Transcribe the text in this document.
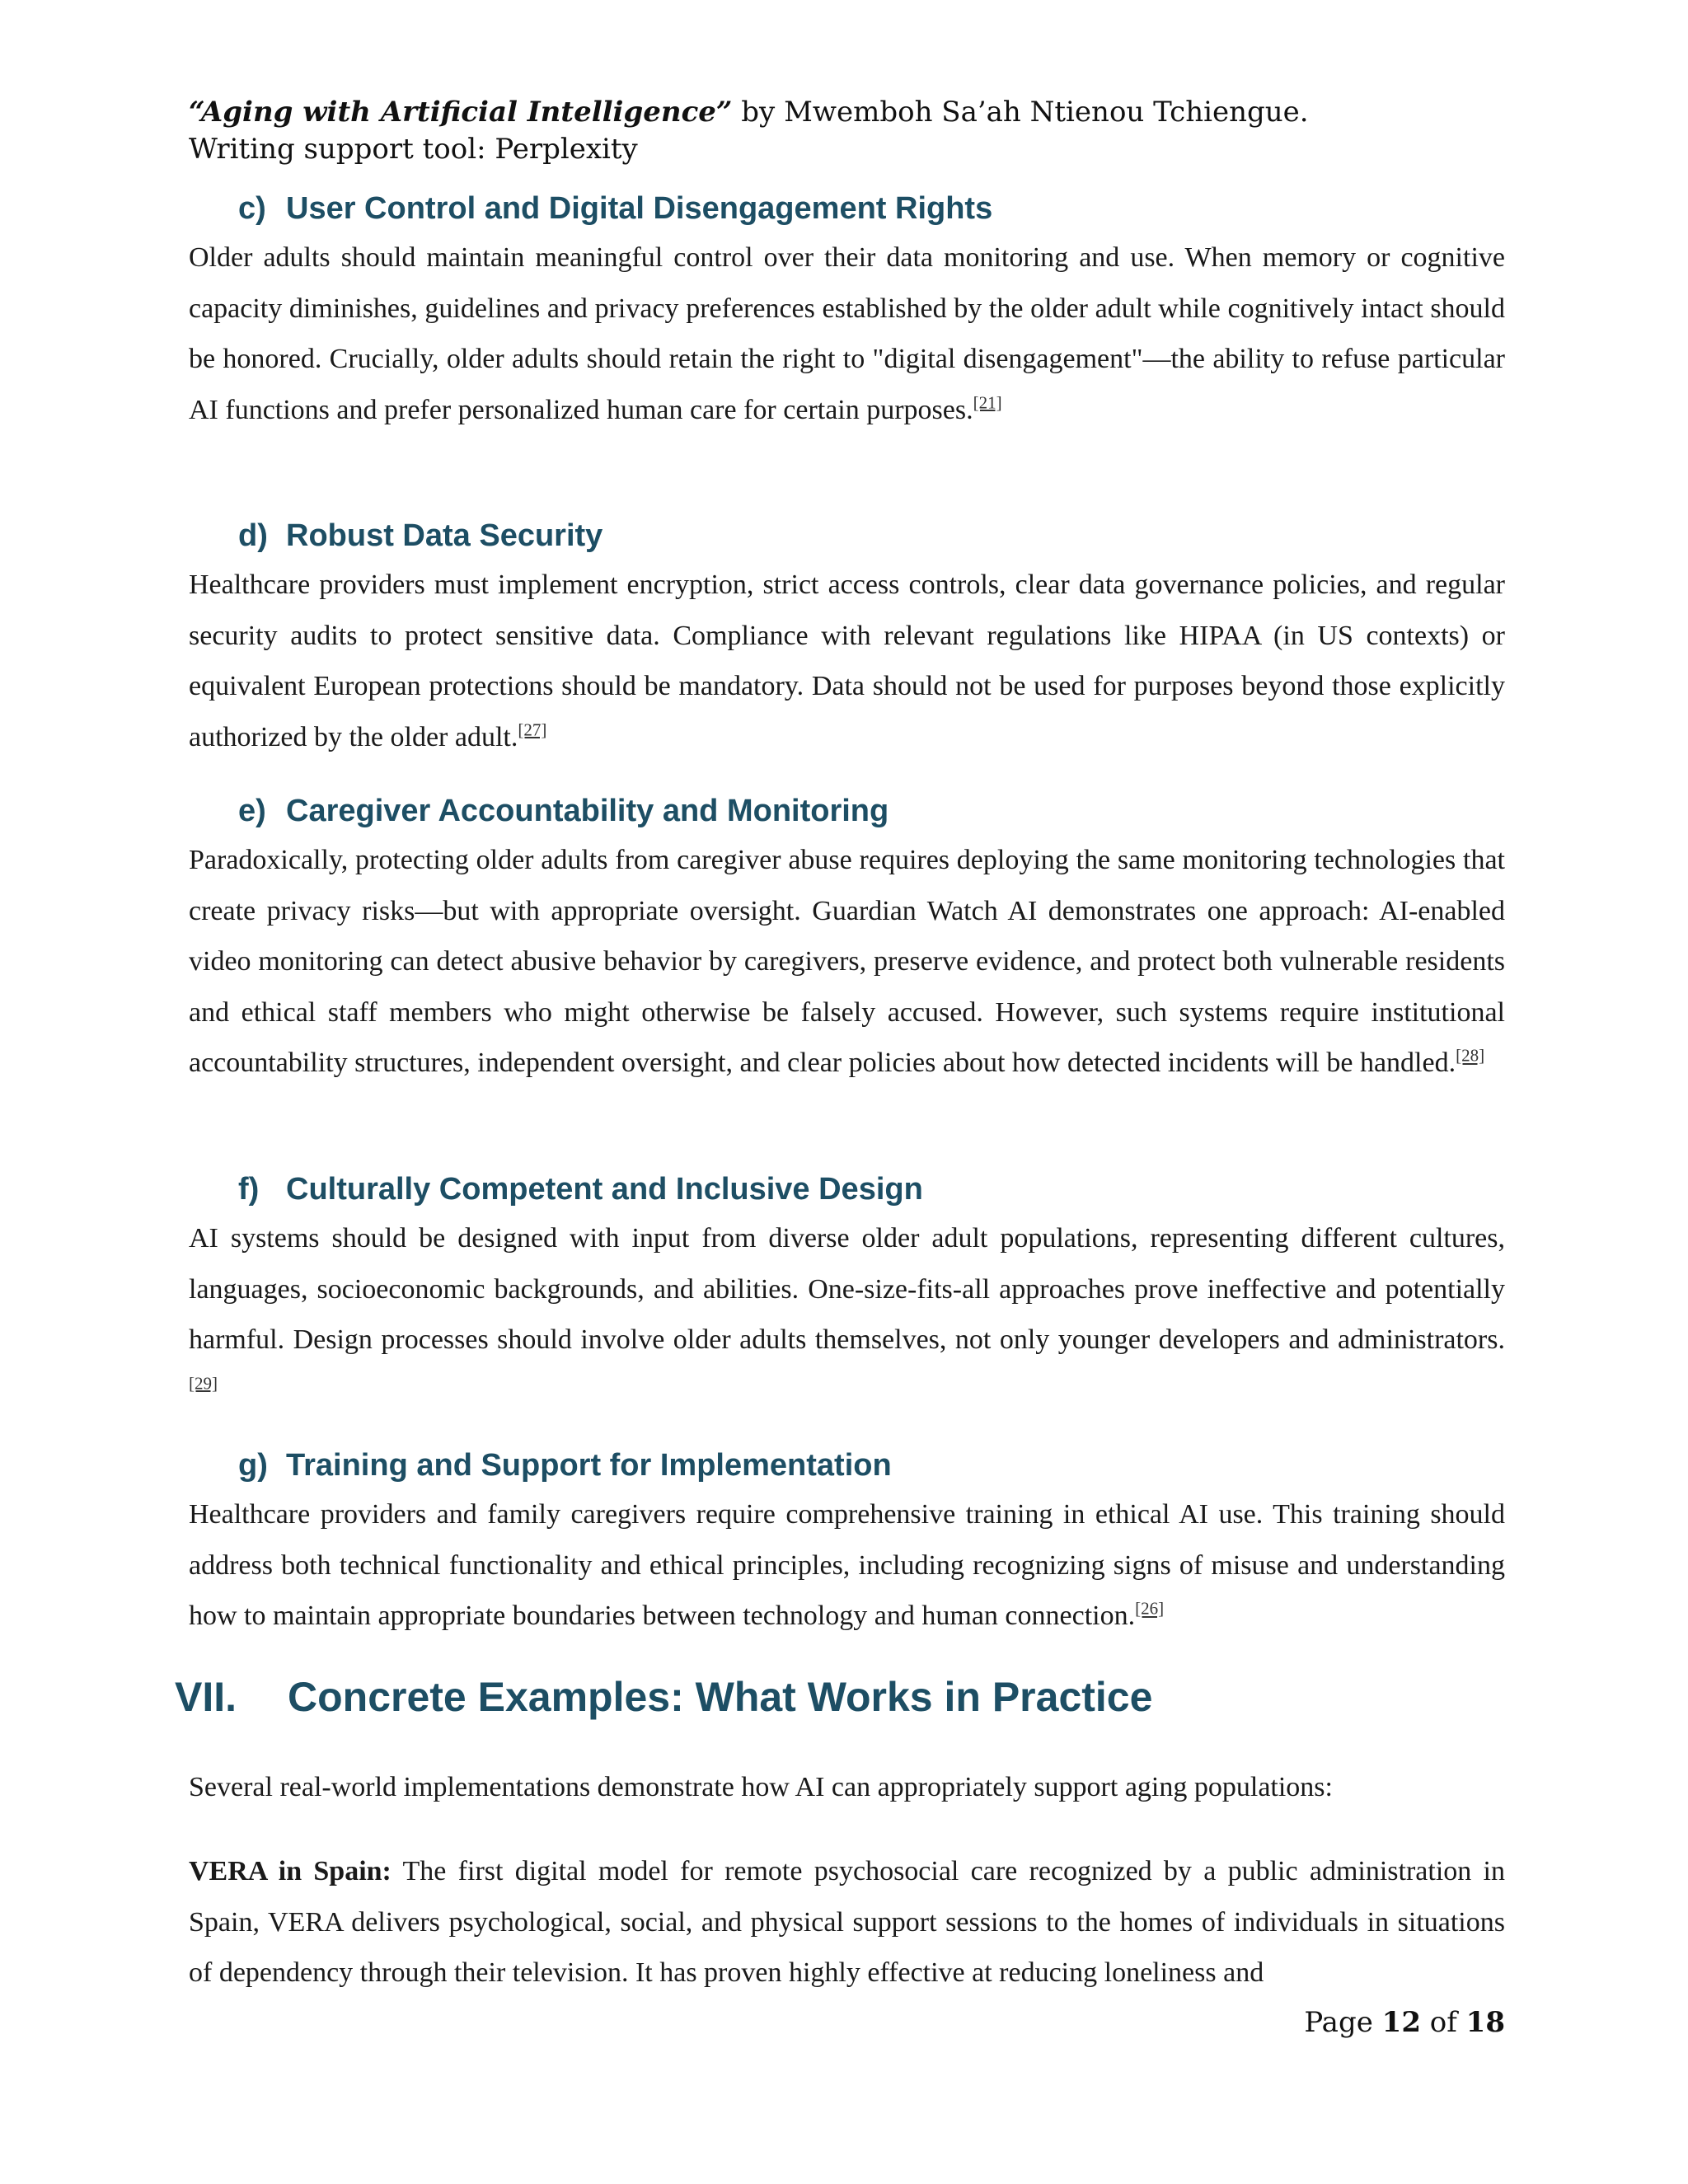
“Aging with Artificial Intelligence” by Mwemboh Sa’ah Ntienou Tchiengue.
Writing support tool: Perplexity
c) User Control and Digital Disengagement Rights

Older adults should maintain meaningful control over their data monitoring and use. When memory or cognitive capacity diminishes, guidelines and privacy preferences established by the older adult while cognitively intact should be honored. Crucially, older adults should retain the right to "digital disengagement"—the ability to refuse particular AI functions and prefer personalized human care for certain purposes.[21]

d) Robust Data Security

Healthcare providers must implement encryption, strict access controls, clear data governance policies, and regular security audits to protect sensitive data. Compliance with relevant regulations like HIPAA (in US contexts) or equivalent European protections should be mandatory. Data should not be used for purposes beyond those explicitly authorized by the older adult.[27]

e) Caregiver Accountability and Monitoring

Paradoxically, protecting older adults from caregiver abuse requires deploying the same monitoring technologies that create privacy risks—but with appropriate oversight. Guardian Watch AI demonstrates one approach: AI-enabled video monitoring can detect abusive behavior by caregivers, preserve evidence, and protect both vulnerable residents and ethical staff members who might otherwise be falsely accused. However, such systems require institutional accountability structures, independent oversight, and clear policies about how detected incidents will be handled.[28]

f) Culturally Competent and Inclusive Design

AI systems should be designed with input from diverse older adult populations, representing different cultures, languages, socioeconomic backgrounds, and abilities. One-size-fits-all approaches prove ineffective and potentially harmful. Design processes should involve older adults themselves, not only younger developers and administrators.[29]

g) Training and Support for Implementation

Healthcare providers and family caregivers require comprehensive training in ethical AI use. This training should address both technical functionality and ethical principles, including recognizing signs of misuse and understanding how to maintain appropriate boundaries between technology and human connection.[26]

VII. Concrete Examples: What Works in Practice

Several real-world implementations demonstrate how AI can appropriately support aging populations:

VERA in Spain: The first digital model for remote psychosocial care recognized by a public administration in Spain, VERA delivers psychological, social, and physical support sessions to the homes of individuals in situations of dependency through their television. It has proven highly effective at reducing loneliness and

Page 12 of 18
